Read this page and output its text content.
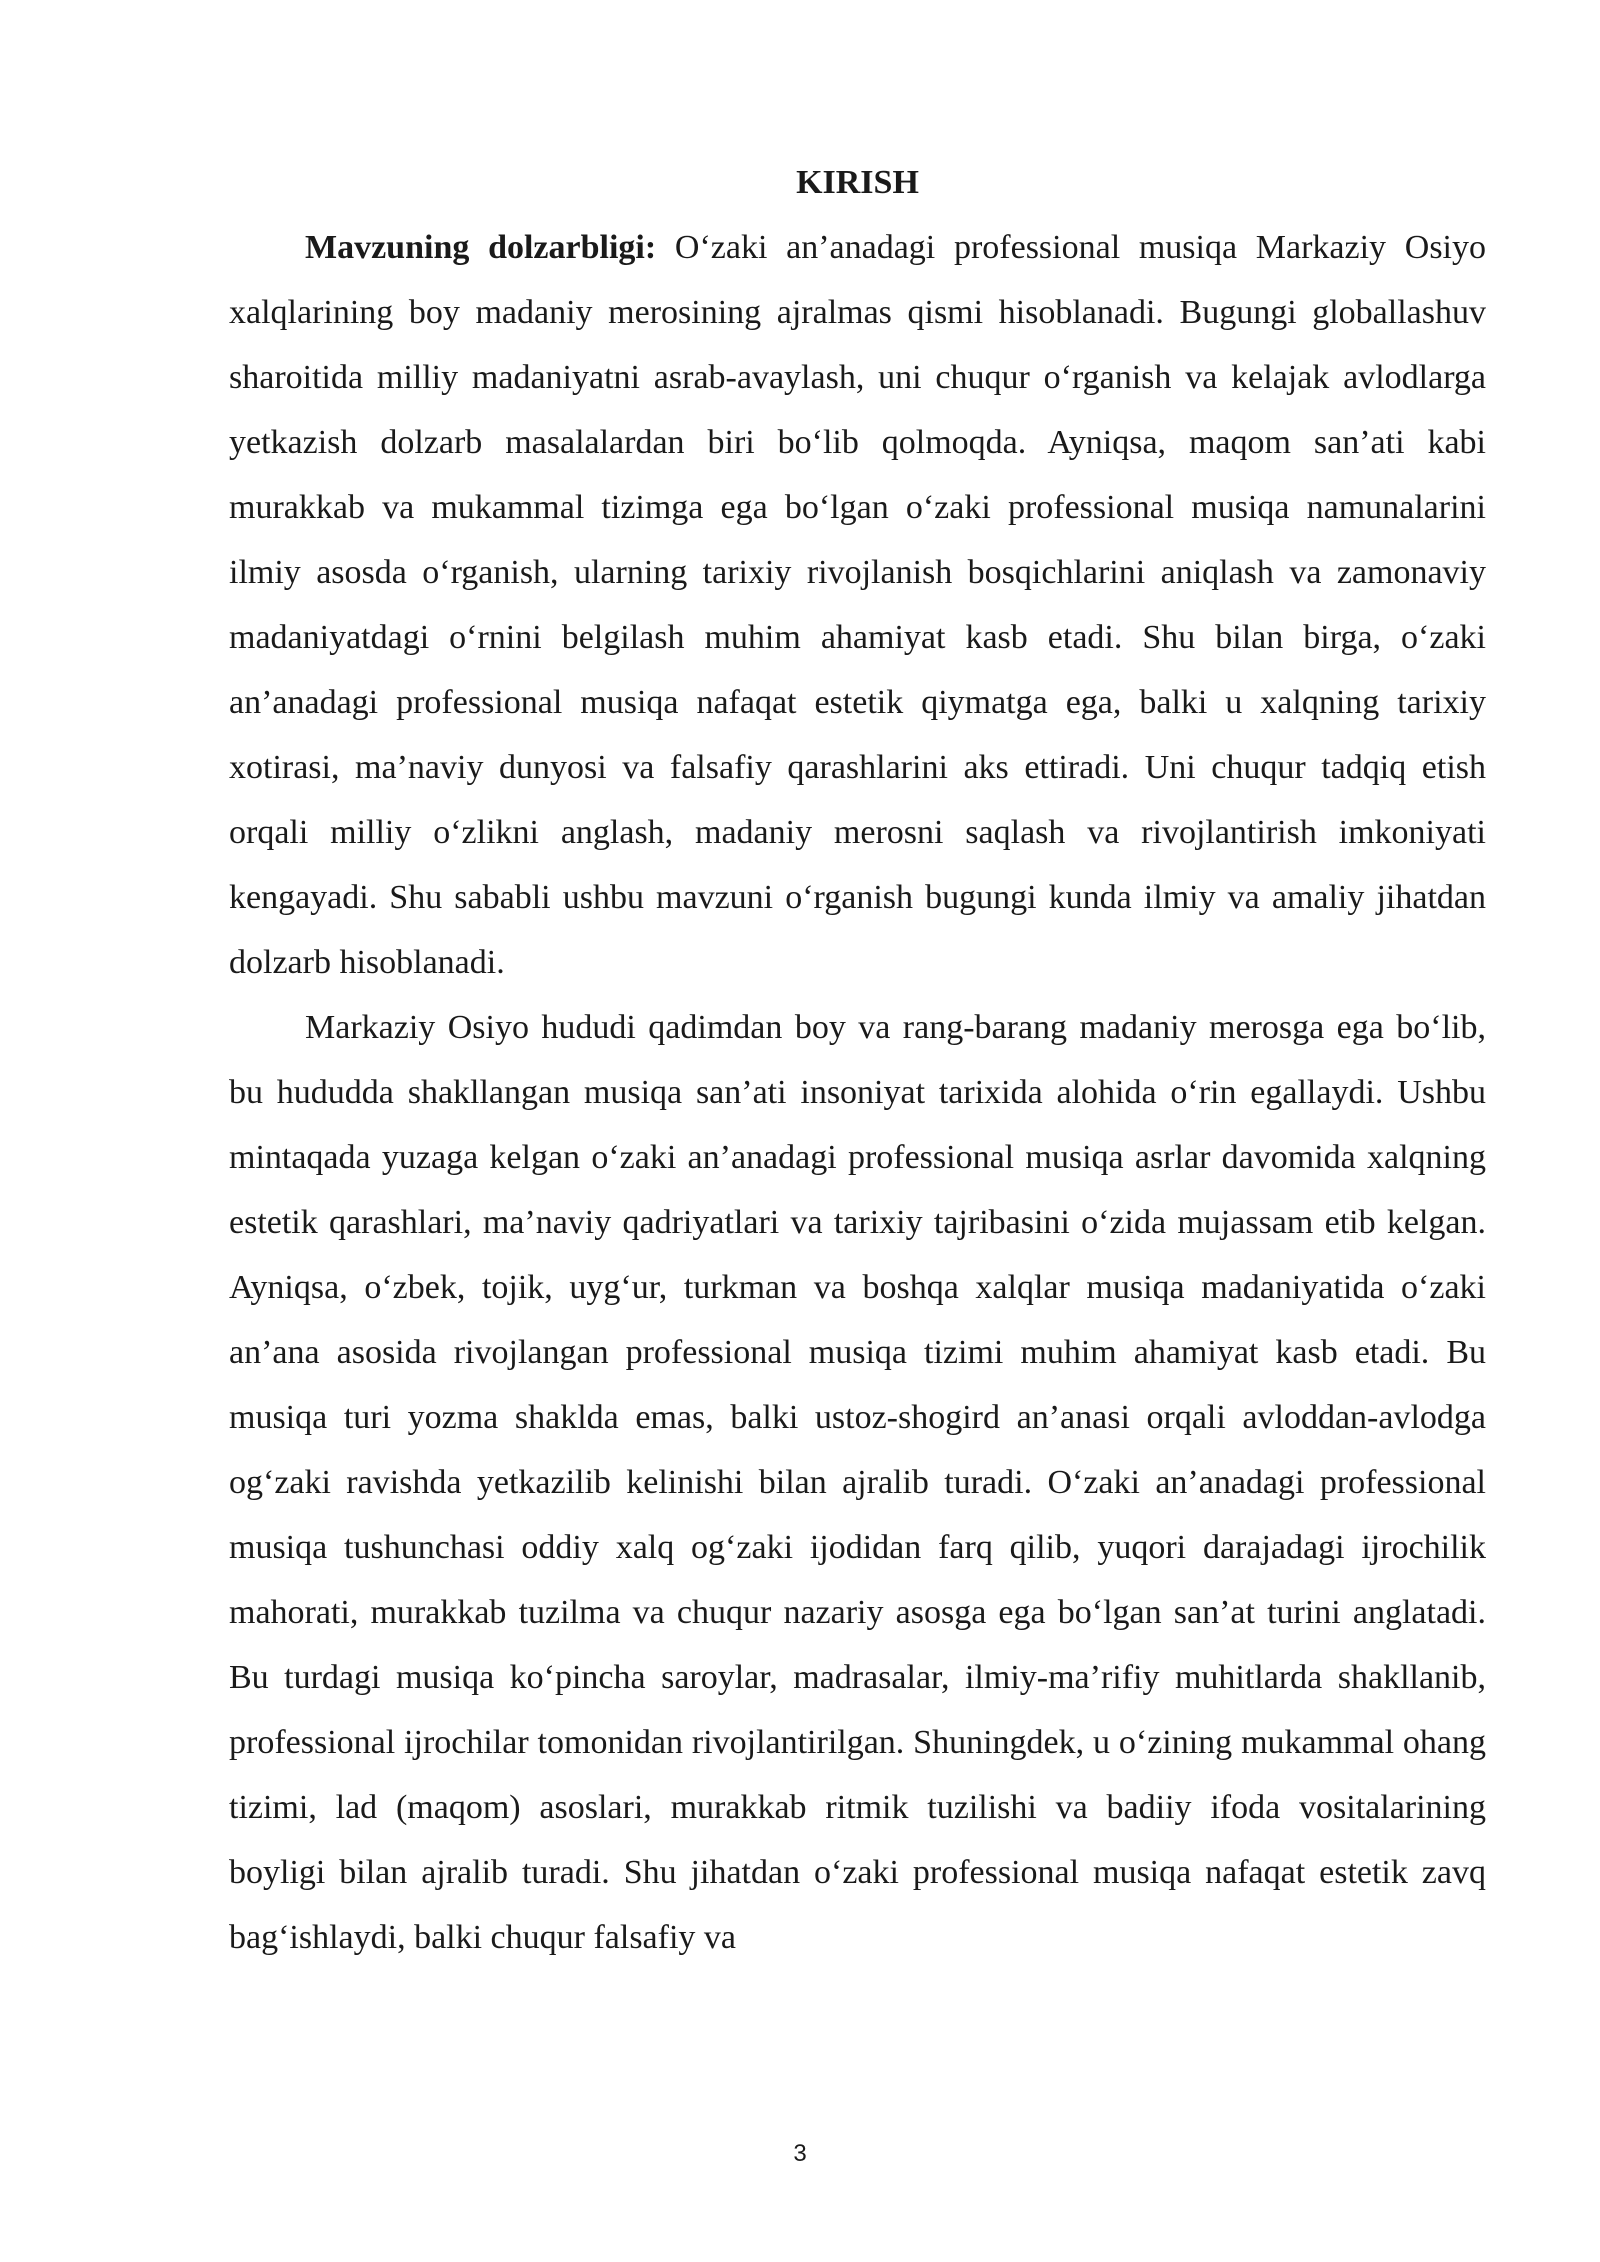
KIRISH

Mavzuning dolzarbligi: O‘zaki an’anadagi professional musiqa Markaziy Osiyo xalqlarining boy madaniy merosining ajralmas qismi hisoblanadi. Bugungi globallashuv sharoitida milliy madaniyatni asrab-avaylash, uni chuqur o‘rganish va kelajak avlodlarga yetkazish dolzarb masalalardan biri bo‘lib qolmoqda. Ayniqsa, maqom san’ati kabi murakkab va mukammal tizimga ega bo‘lgan o‘zaki professional musiqa namunalarini ilmiy asosda o‘rganish, ularning tarixiy rivojlanish bosqichlarini aniqlash va zamonaviy madaniyatdagi o‘rnini belgilash muhim ahamiyat kasb etadi. Shu bilan birga, o‘zaki an’anadagi professional musiqa nafaqat estetik qiymatga ega, balki u xalqning tarixiy xotirasi, ma’naviy dunyosi va falsafiy qarashlarini aks ettiradi. Uni chuqur tadqiq etish orqali milliy o‘zlikni anglash, madaniy merosni saqlash va rivojlantirish imkoniyati kengayadi. Shu sababli ushbu mavzuni o‘rganish bugungi kunda ilmiy va amaliy jihatdan dolzarb hisoblanadi.

Markaziy Osiyo hududi qadimdan boy va rang-barang madaniy merosga ega bo‘lib, bu hududda shakllangan musiqa san’ati insoniyat tarixida alohida o‘rin egallaydi. Ushbu mintaqada yuzaga kelgan o‘zaki an’anadagi professional musiqa asrlar davomida xalqning estetik qarashlari, ma’naviy qadriyatlari va tarixiy tajribasini o‘zida mujassam etib kelgan. Ayniqsa, o‘zbek, tojik, uyg‘ur, turkman va boshqa xalqlar musiqa madaniyatida o‘zaki an’ana asosida rivojlangan professional musiqa tizimi muhim ahamiyat kasb etadi. Bu musiqa turi yozma shaklda emas, balki ustoz-shogird an’anasi orqali avloddan-avlodga og‘zaki ravishda yetkazilib kelinishi bilan ajralib turadi. O‘zaki an’anadagi professional musiqa tushunchasi oddiy xalq og‘zaki ijodidan farq qilib, yuqori darajadagi ijrochilik mahorati, murakkab tuzilma va chuqur nazariy asosga ega bo‘lgan san’at turini anglatadi. Bu turdagi musiqa ko‘pincha saroylar, madrasalar, ilmiy-ma’rifiy muhitlarda shakllanib, professional ijrochilar tomonidan rivojlantirilgan. Shuningdek, u o‘zining mukammal ohang tizimi, lad (maqom) asoslari, murakkab ritmik tuzilishi va badiiy ifoda vositalarining boyligi bilan ajralib turadi. Shu jihatdan o‘zaki professional musiqa nafaqat estetik zavq bag‘ishlaydi, balki chuqur falsafiy va

3
